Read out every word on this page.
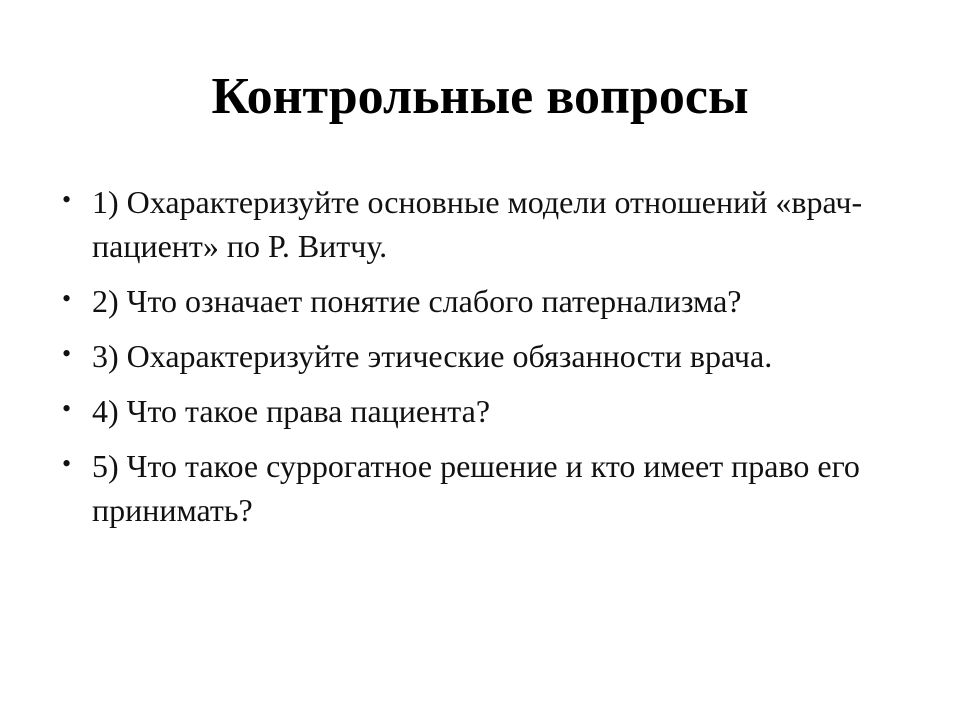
Контрольные вопросы
• 1) Охарактеризуйте основные модели отношений «врач-пациент» по Р. Витчу.
• 2) Что означает понятие слабого патернализма?
• 3) Охарактеризуйте этические обязанности врача.
• 4) Что такое права пациента?
• 5) Что такое суррогатное решение и кто имеет право его принимать?
